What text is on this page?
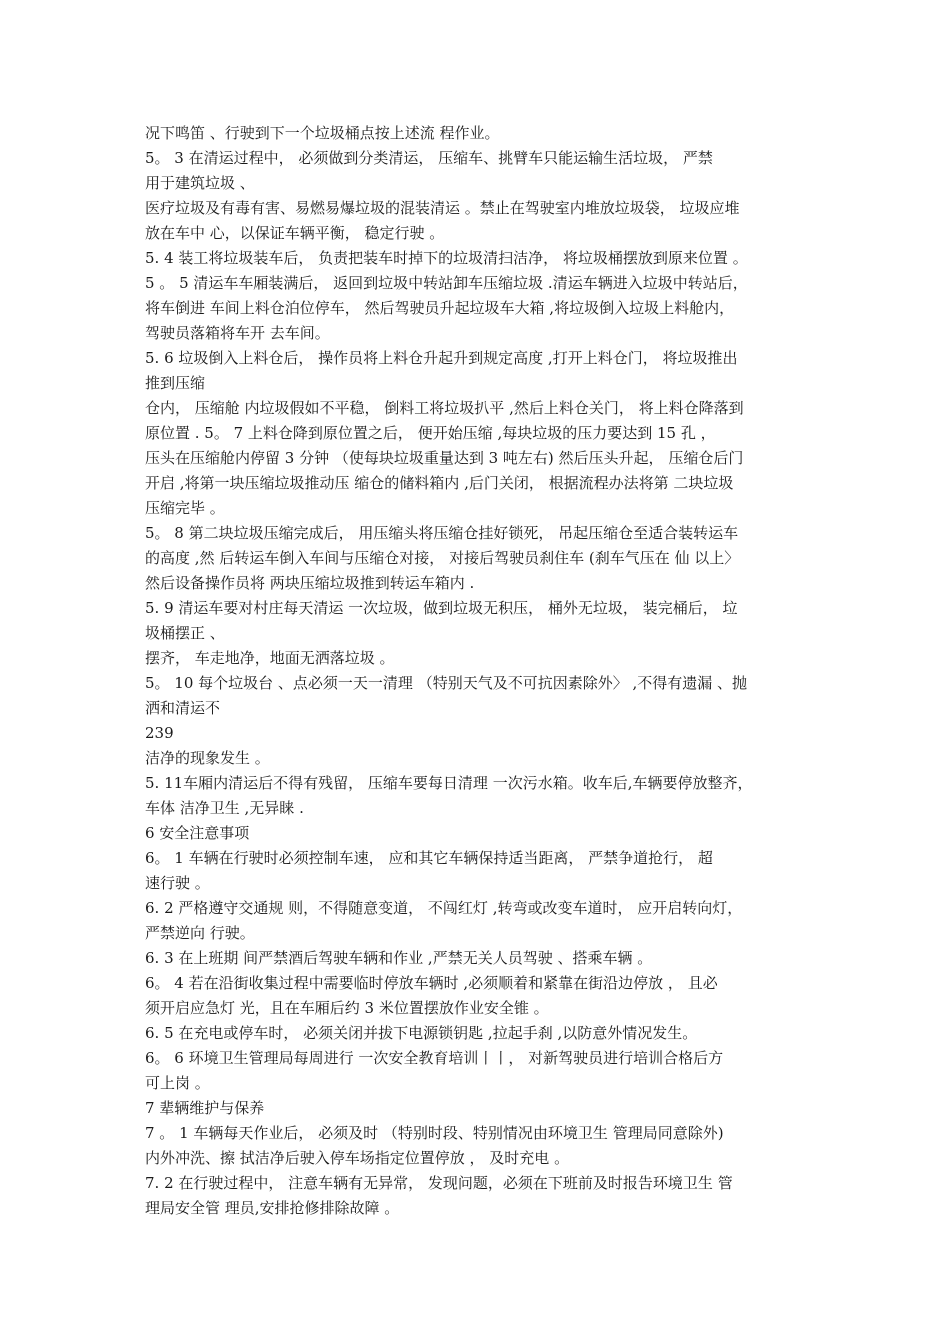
况下鸣笛 、行驶到下一个垃圾桶点按上述流 程作业。
5。 3 在清运过程中， 必须做到分类清运， 压缩车、挑臂车只能运输生活垃圾， 严禁
用于建筑垃圾 、
医疗垃圾及有毒有害、易燃易爆垃圾的混装清运 。禁止在驾驶室内堆放垃圾袋， 垃圾应堆
放在车中 心，以保证车辆平衡， 稳定行驶 。
5. 4 装工将垃圾装车后， 负责把装车时掉下的垃圾清扫洁净， 将垃圾桶摆放到原来位置 。
5 。 5 清运车车厢装满后， 返回到垃圾中转站卸车压缩垃圾 .清运车辆进入垃圾中转站后，
将车倒进 车间上料仓泊位停车， 然后驾驶员升起垃圾车大箱 ,将垃圾倒入垃圾上料舱内，
驾驶员落箱将车开 去车间。
5. 6 垃圾倒入上料仓后， 操作员将上料仓升起升到规定高度 ,打开上料仓门， 将垃圾推出
推到压缩
仓内， 压缩舱 内垃圾假如不平稳， 倒料工将垃圾扒平 ,然后上料仓关门， 将上料仓降落到
原位置 . 5。 7 上料仓降到原位置之后， 便开始压缩 ,每块垃圾的压力要达到 15 孔 ，
压头在压缩舱内停留 3 分钟 （使每块垃圾重量达到 3 吨左右) 然后压头升起， 压缩仓后门
开启 ,将第一块压缩垃圾推动压 缩仓的储料箱内 ,后门关闭， 根据流程办法将第 二块垃圾
压缩完毕 。
5。 8 第二块垃圾压缩完成后， 用压缩头将压缩仓挂好锁死， 吊起压缩仓至适合装转运车
的高度 ,然 后转运车倒入车间与压缩仓对接， 对接后驾驶员刹住车 (刹车气压在 仙 以上〉
然后设备操作员将 两块压缩垃圾推到转运车箱内 .
5. 9 清运车要对村庄每天清运 一次垃圾，做到垃圾无积压， 桶外无垃圾， 装完桶后， 垃
圾桶摆正 、
摆齐， 车走地净，地面无洒落垃圾 。
5。 10 每个垃圾台 、点必须一天一清理 （特别天气及不可抗因素除外〉 ,不得有遗漏 、抛
洒和清运不
239
洁净的现象发生 。
5. 11车厢内清运后不得有残留， 压缩车要每日清理 一次污水箱。收车后,车辆要停放整齐，
车体 洁净卫生 ,无异睐 .
6 安全注意事项
6。 1 车辆在行驶时必须控制车速， 应和其它车辆保持适当距离， 严禁争道抢行， 超
速行驶 。
6. 2 严格遵守交通规 则，不得随意变道， 不闯红灯 ,转弯或改变车道时， 应开启转向灯，
严禁逆向 行驶。
6. 3 在上班期 间严禁酒后驾驶车辆和作业 ,严禁无关人员驾驶 、搭乘车辆 。
6。 4 若在沿街收集过程中需要临时停放车辆时 ,必须顺着和紧靠在街沿边停放 ， 且必
须开启应急灯 光，且在车厢后约 3 米位置摆放作业安全锥 。
6. 5 在充电或停车时， 必须关闭并拔下电源锁钥匙 ,拉起手刹 ,以防意外情况发生。
6。 6 环境卫生管理局每周进行 一次安全教育培训丨丨， 对新驾驶员进行培训合格后方
可上岗 。
7 辈辆维护与保养
7 。 1 车辆每天作业后， 必须及时 （特别时段、特别情况由环境卫生 管理局同意除外)
内外冲洗、擦 拭洁净后驶入停车场指定位置停放 ， 及时充电 。
7. 2 在行驶过程中， 注意车辆有无异常， 发现问题，必须在下班前及时报告环境卫生 管
理局安全管 理员,安排抢修排除故障 。
